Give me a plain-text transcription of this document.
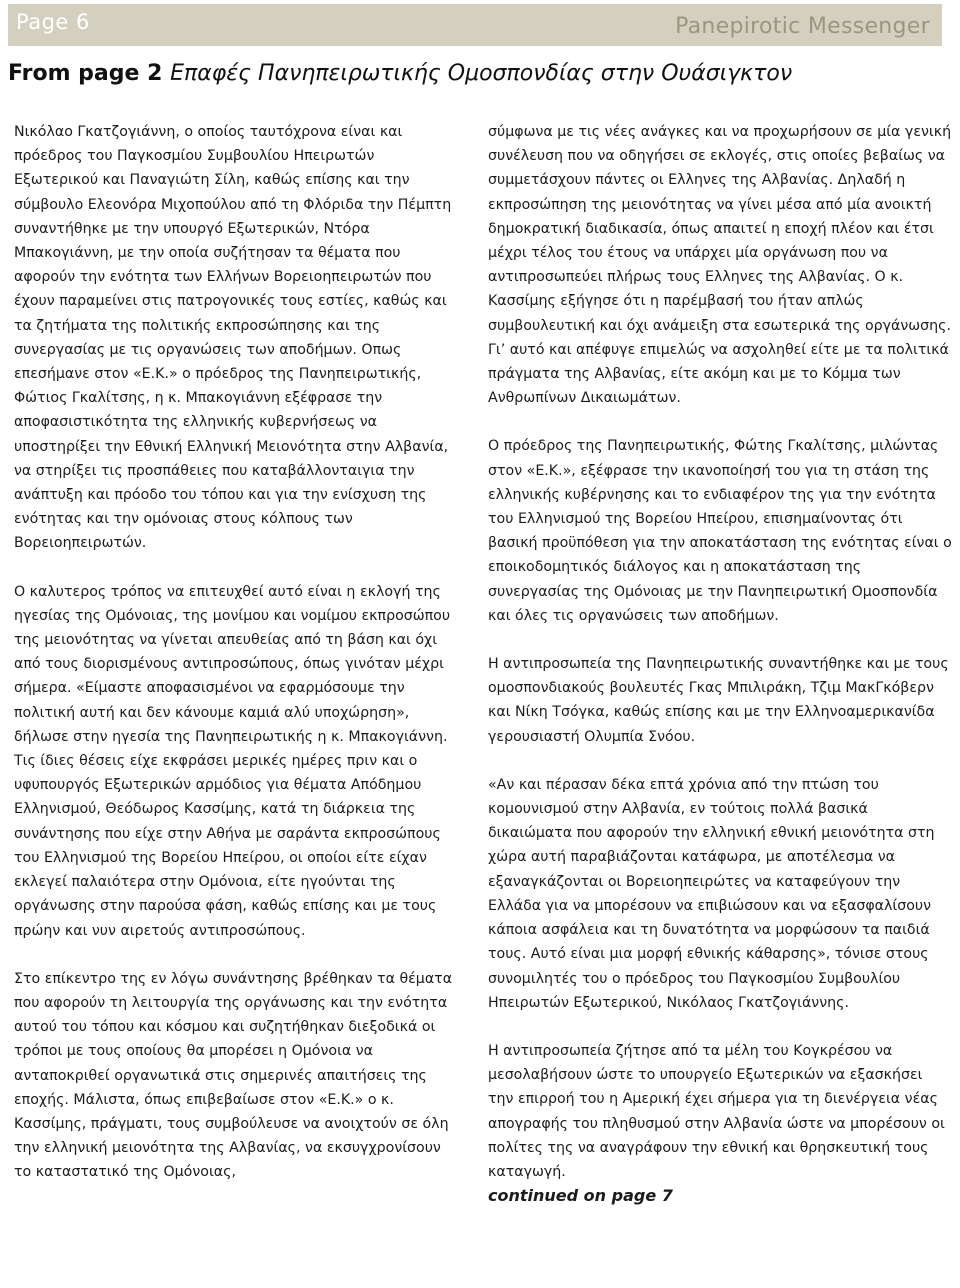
Page 6	Panepirotic Messenger
From page 2 Επαφές Πανηπειρωτικής Ομοσπονδίας στην Ουάσιγκτον

Νικόλαο Γκατζογιάννη, ο οποίος ταυτόχρονα είναι και πρόεδρος του Παγκοσμίου Συμβουλίου Ηπειρωτών Εξωτερικού και Παναγιώτη Σίλη, καθώς επίσης και την σύμβουλο Ελεονόρα Μιχοπούλου από τη Φλόριδα την Πέμπτη συναντήθηκε με την υπουργό Εξωτερικών, Ντόρα Μπακογιάννη, με την οποία συζήτησαν τα θέματα που αφορούν την ενότητα των Ελλήνων Βορειοηπειρωτών που έχουν παραμείνει στις πατρογονικές τους εστίες, καθώς και τα ζητήματα της πολιτικής εκπροσώπησης και της συνεργασίας με τις οργανώσεις των αποδήμων. Οπως επεσήμανε στον «Ε.Κ.» ο πρόεδρος της Πανηπειρωτικής, Φώτιος Γκαλίτσης, η κ. Μπακογιάννη εξέφρασε την αποφασιστικότητα της ελληνικής κυβερνήσεως να υποστηρίξει την Εθνική Ελληνική Μειονότητα στην Αλβανία, να στηρίξει τις προσπάθειες που καταβάλλονταιγια την ανάπτυξη και πρόοδο του τόπου και για την ενίσχυση της ενότητας και την ομόνοιας στους κόλπους των Βορειοηπειρωτών.

Ο καλυτερος τρόπος να επιτευχθεί αυτό είναι η εκλογή της ηγεσίας της Ομόνοιας, της μονίμου και νομίμου εκπροσώπου της μειονότητας να γίνεται απευθείας από τη βάση και όχι από τους διορισμένους αντιπροσώπους, όπως γινόταν μέχρι σήμερα. «Είμαστε αποφασισμένοι να εφαρμόσουμε την πολιτική αυτή και δεν κάνουμε καμιά αλύ υποχώρηση», δήλωσε στην ηγεσία της Πανηπειρωτικής η κ. Μπακογιάννη. Τις ίδιες θέσεις είχε εκφράσει μερικές ημέρες πριν και ο υφυπουργός Εξωτερικών αρμόδιος για θέματα Απόδημου Ελληνισμού, Θεόδωρος Κασσίμης, κατά τη διάρκεια της συνάντησης που είχε στην Αθήνα με σαράντα εκπροσώπους του Ελληνισμού της Βορείου Ηπείρου, οι οποίοι είτε είχαν εκλεγεί παλαιότερα στην Ομόνοια, είτε ηγούνται της οργάνωσης στην παρούσα φάση, καθώς επίσης και με τους πρώην και νυν αιρετούς αντιπροσώπους.

Στο επίκεντρο της εν λόγω συνάντησης βρέθηκαν τα θέματα που αφορούν τη λειτουργία της οργάνωσης και την ενότητα αυτού του τόπου και κόσμου και συζητήθηκαν διεξοδικά οι τρόποι με τους οποίους θα μπορέσει η Ομόνοια να ανταποκριθεί οργανωτικά στις σημερινές απαιτήσεις της εποχής. Μάλιστα, όπως επιβεβαίωσε στον «Ε.Κ.» ο κ. Κασσίμης, πράγματι, τους συμβούλευσε να ανοιχτούν σε όλη την ελληνική μειονότητα της Αλβανίας, να εκσυγχρονίσουν το καταστατικό της Ομόνοιας,

σύμφωνα με τις νέες ανάγκες και να προχωρήσουν σε μία γενική συνέλευση που να οδηγήσει σε εκλογές, στις οποίες βεβαίως να συμμετάσχουν πάντες οι Ελληνες της Αλβανίας. Δηλαδή η εκπροσώπηση της μειονότητας να γίνει μέσα από μία ανοικτή δημοκρατική διαδικασία, όπως απαιτεί η εποχή πλέον και έτσι μέχρι τέλος του έτους να υπάρχει μία οργάνωση που να αντιπροσωπεύει πλήρως τους Ελληνες της Αλβανίας. Ο κ. Κασσίμης εξήγησε ότι η παρέμβασή του ήταν απλώς συμβουλευτική και όχι ανάμειξη στα εσωτερικά της οργάνωσης. Γι’ αυτό και απέφυγε επιμελώς να ασχοληθεί είτε με τα πολιτικά πράγματα της Αλβανίας, είτε ακόμη και με το Κόμμα των Ανθρωπίνων Δικαιωμάτων.

Ο πρόεδρος της Πανηπειρωτικής, Φώτης Γκαλίτσης, μιλώντας στον «Ε.Κ.», εξέφρασε την ικανοποίησή του για τη στάση της ελληνικής κυβέρνησης και το ενδιαφέρον της για την ενότητα του Ελληνισμού της Βορείου Ηπείρου, επισημαίνοντας ότι βασική προϋπόθεση για την αποκατάσταση της ενότητας είναι ο εποικοδομητικός διάλογος και η αποκατάσταση της συνεργασίας της Ομόνοιας με την Πανηπειρωτική Ομοσπονδία και όλες τις οργανώσεις των αποδήμων.

Η αντιπροσωπεία της Πανηπειρωτικής συναντήθηκε και με τους ομοσπονδιακούς βουλευτές Γκας Μπιλιράκη, Τζιμ ΜακΓκόβερν και Νίκη Τσόγκα, καθώς επίσης και με την Ελληνοαμερικανίδα γερουσιαστή Ολυμπία Σνόου.

«Αν και πέρασαν δέκα επτά χρόνια από την πτώση του κομουνισμού στην Αλβανία, εν τούτοις πολλά βασικά δικαιώματα που αφορούν την ελληνική εθνική μειονότητα στη χώρα αυτή παραβιάζονται κατάφωρα, με αποτέλεσμα να εξαναγκάζονται οι Βορειοηπειρώτες να καταφεύγουν την Ελλάδα για να μπορέσουν να επιβιώσουν και να εξασφαλίσουν κάποια ασφάλεια και τη δυνατότητα να μορφώσουν τα παιδιά τους. Αυτό είναι μια μορφή εθνικής κάθαρσης», τόνισε στους συνομιλητές του ο πρόεδρος του Παγκοσμίου Συμβουλίου Ηπειρωτών Εξωτερικού, Νικόλαος Γκατζογιάννης.

Η αντιπροσωπεία ζήτησε από τα μέλη του Κογκρέσου να μεσολαβήσουν ώστε το υπουργείο Εξωτερικών να εξασκήσει την επιρροή του η Αμερική έχει σήμερα για τη διενέργεια νέας απογραφής του πληθυσμού στην Αλβανία ώστε να μπορέσουν οι πολίτες της να αναγράφουν την εθνική και θρησκευτική τους καταγωγή.

continued on page 7
